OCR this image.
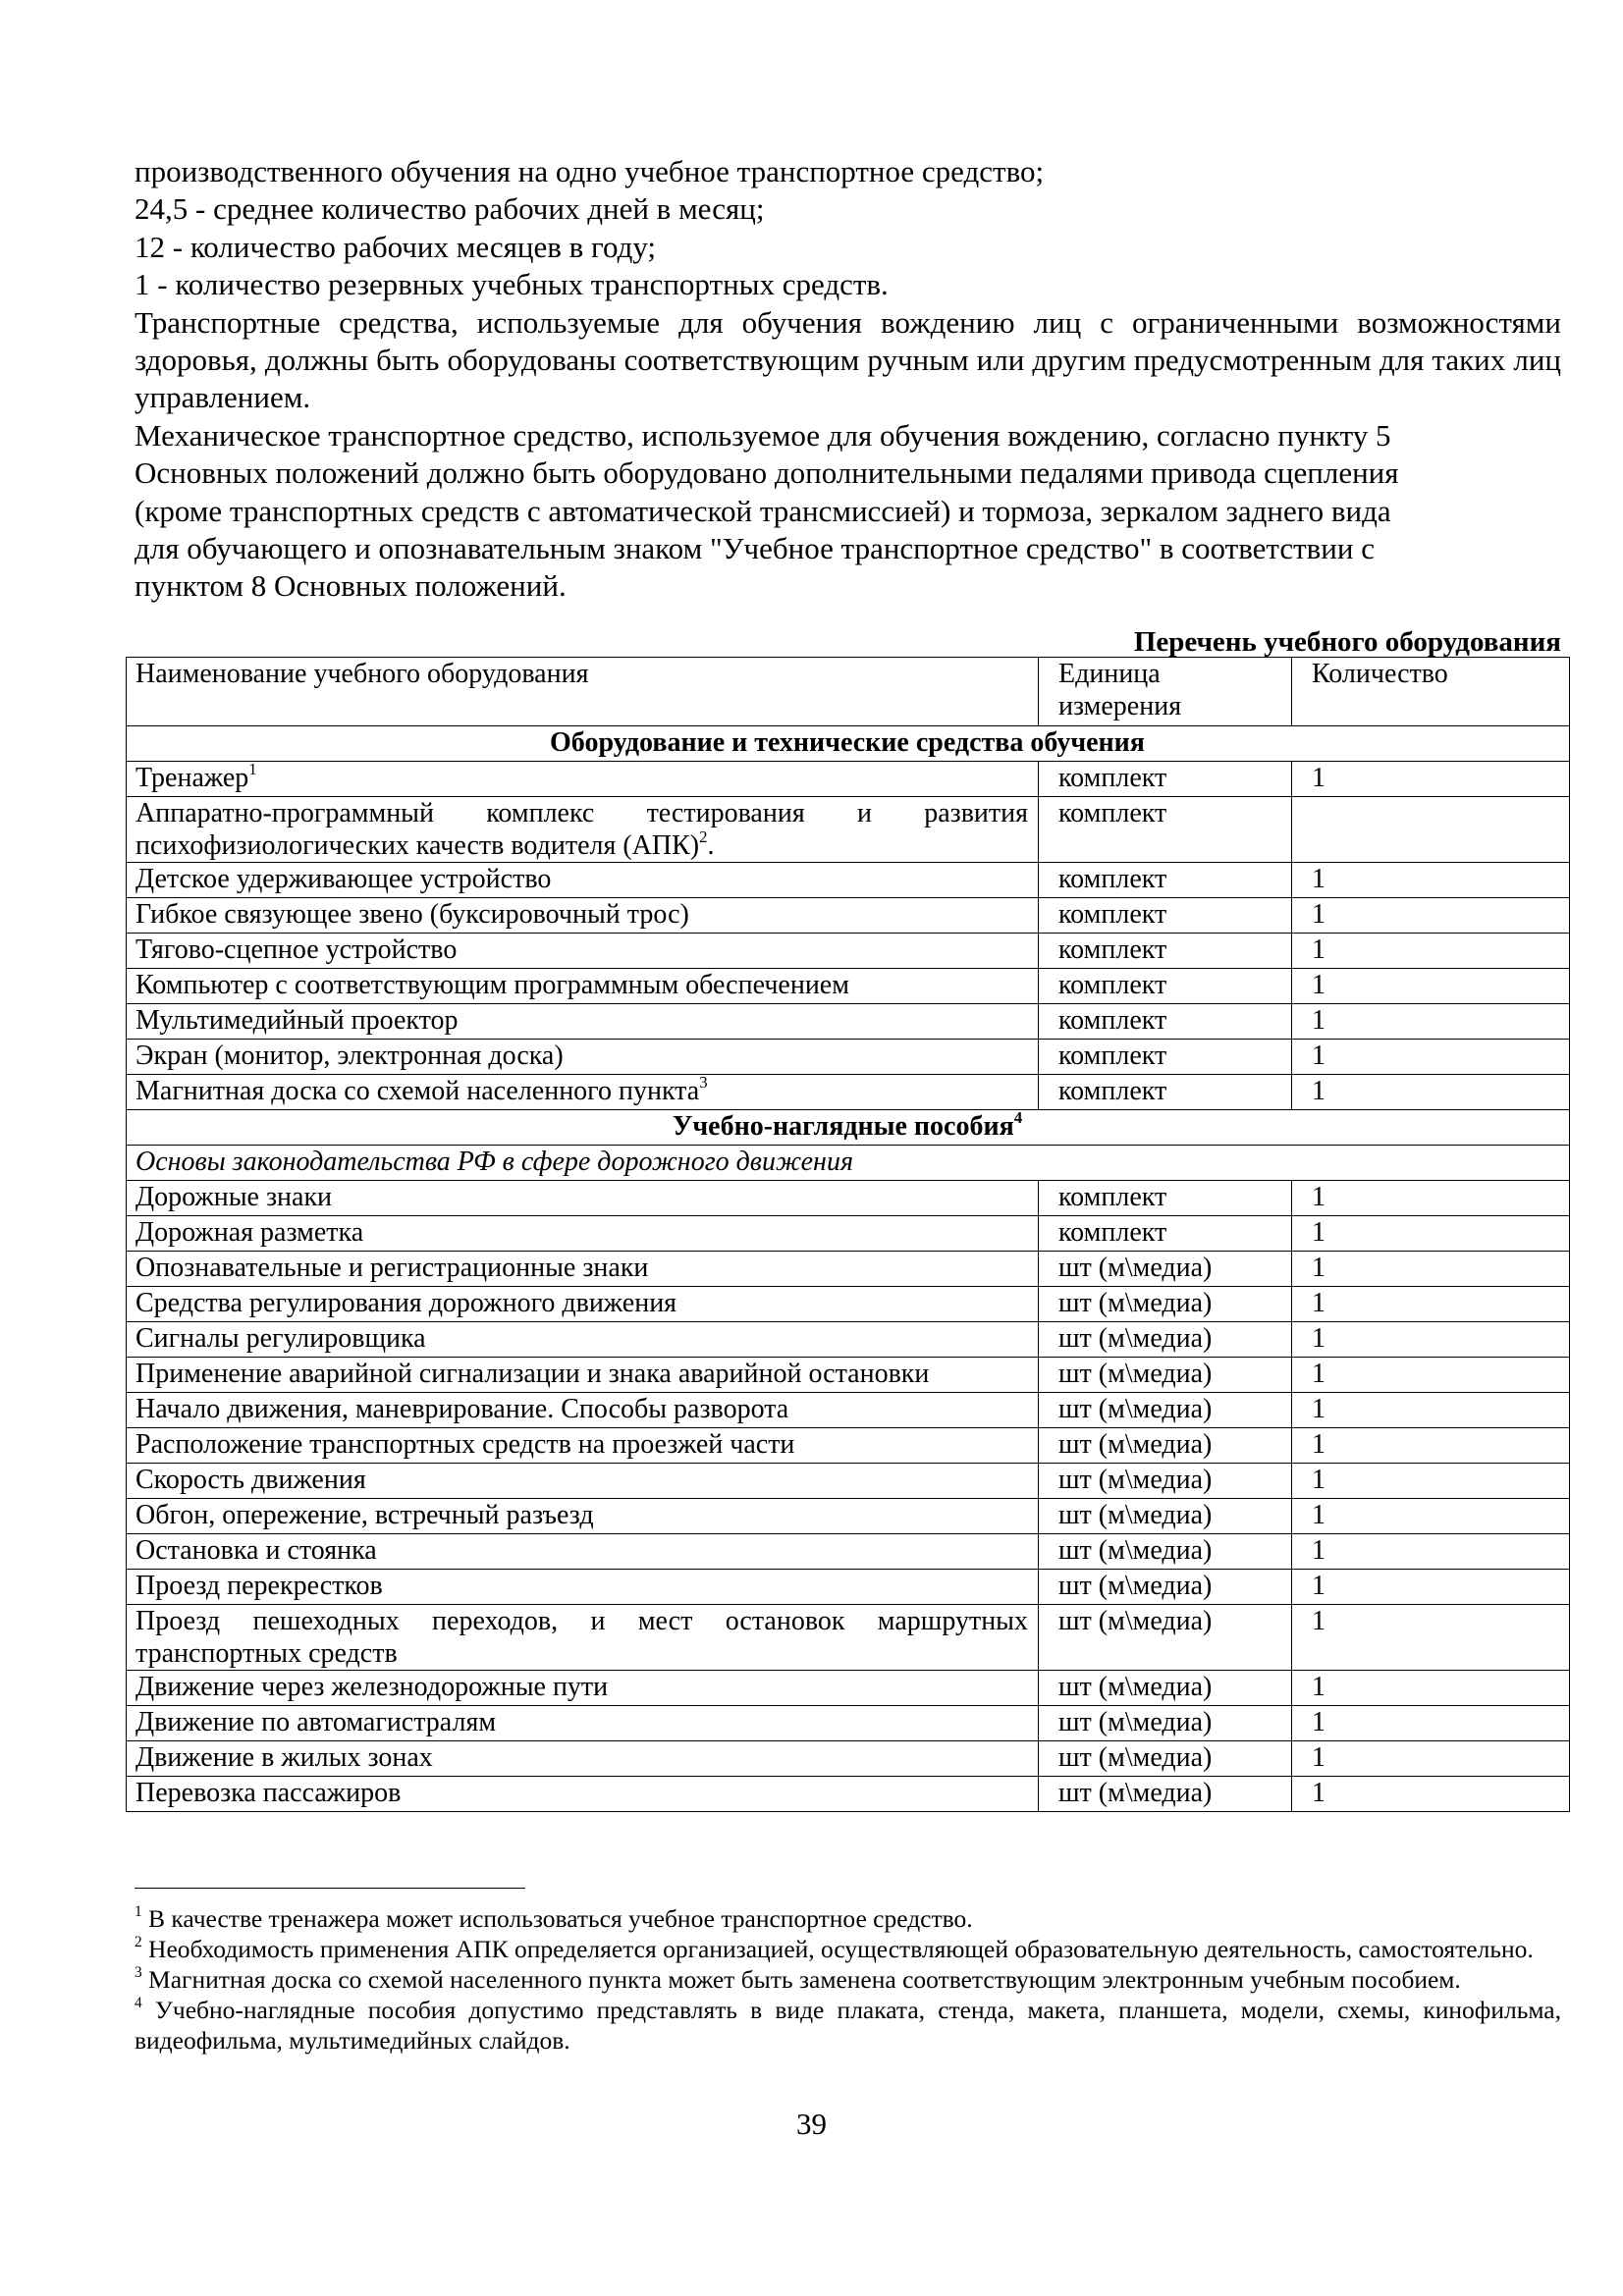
производственного обучения на одно учебное транспортное средство;

24,5 - среднее количество рабочих дней в месяц;

12 - количество рабочих месяцев в году;

1 - количество резервных учебных транспортных средств.

Транспортные средства, используемые для обучения вождению лиц с ограниченными возможностями здоровья, должны быть оборудованы соответствующим ручным или другим предусмотренным для таких лиц управлением.

Механическое транспортное средство, используемое для обучения вождению, согласно пункту 5

Основных положений должно быть оборудовано дополнительными педалями привода сцепления

(кроме транспортных средств с автоматической трансмиссией) и тормоза, зеркалом заднего вида

для обучающего и опознавательным знаком "Учебное транспортное средство" в соответствии с

пунктом 8 Основных положений.

Перечень учебного оборудования
Наименование учебного оборудования	Единица измерения	Количество
Оборудование и технические средства обучения		
Тренажер$^1$	комплект	1
Аппаратно-программный комплекс тестирования и развития психофизиологических качеств водителя (АПК)$^2$.	комплект	
Детское удерживающее устройство	комплект	1
Гибкое связующее звено (буксировочный трос)	комплект	1
Тягово-сцепное устройство	комплект	1
Компьютер с соответствующим программным обеспечением	комплект	1
Мультимедийный проектор	комплект	1
Экран (монитор, электронная доска)	комплект	1
Магнитная доска со схемой населенного пункта$^3$	комплект	1
Учебно-наглядные пособия$^4$
Основы законодательства РФ в сфере дорожного движения		
Дорожные знаки	комплект	1
Дорожная разметка	комплект	1
Опознавательные и регистрационные знаки	шт (м\медиа)	1
Средства регулирования дорожного движения	шт (м\медиа)	1
Сигналы регулировщика	шт (м\медиа)	1
Применение аварийной сигнализации и знака аварийной остановки	шт (м\медиа)	1
Начало движения, маневрирование. Способы разворота	шт (м\медиа)	1
Расположение транспортных средств на проезжей части	шт (м\медиа)	1
Скорость движения	шт (м\медиа)	1
Обгон, опережение, встречный разъезд	шт (м\медиа)	1
Остановка и стоянка	шт (м\медиа)	1
Проезд перекрестков	шт (м\медиа)	1
Проезд пешеходных переходов, и мест остановок маршрутных транспортных средств	шт (м\медиа)	1
Движение через железнодорожные пути	шт (м\медиа)	1
Движение по автомагистралям	шт (м\медиа)	1
Движение в жилых зонах	шт (м\медиа)	1
Перевозка пассажиров	шт (м\медиа)	1

$^1$ В качестве тренажера может использоваться учебное транспортное средство.

$^2$ Необходимость применения АПК определяется организацией, осуществляющей образовательную деятельность, самостоятельно.

$^3$ Магнитная доска со схемой населенного пункта может быть заменена соответствующим электронным учебным пособием.

$^4$ Учебно-наглядные пособия допустимо представлять в виде плаката, стенда, макета, планшета, модели, схемы, кинофильма, видеофильма, мультимедийных слайдов.

39
